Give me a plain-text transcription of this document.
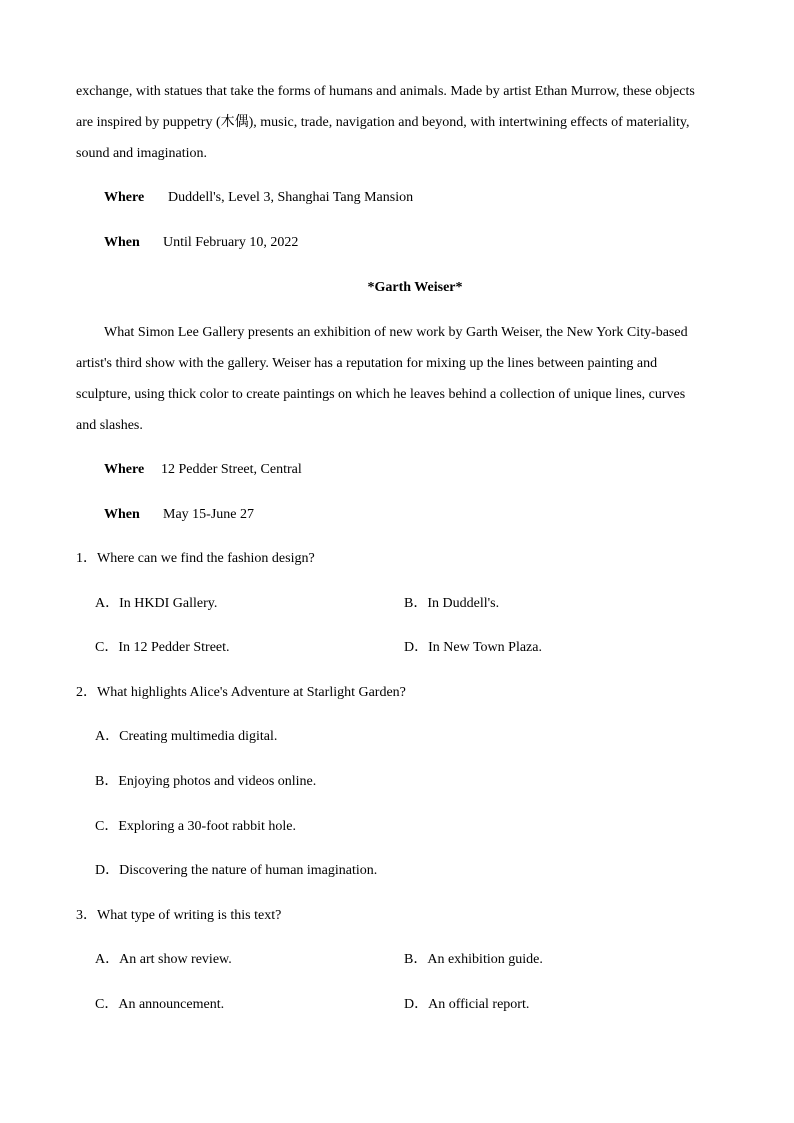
exchange, with statues that take the forms of humans and animals. Made by artist Ethan Murrow, these objects
are inspired by puppetry (木偶), music, trade, navigation and beyond, with intertwining effects of materiality,
sound and imagination.
Where Duddell's, Level 3, Shanghai Tang Mansion
When Until February 10, 2022
*Garth Weiser*
What Simon Lee Gallery presents an exhibition of new work by Garth Weiser, the New York City-based
artist's third show with the gallery. Weiser has a reputation for mixing up the lines between painting and
sculpture, using thick color to create paintings on which he leaves behind a collection of unique lines, curves
and slashes.
Where 12 Pedder Street, Central
When May 15-June 27
1．Where can we find the fashion design?
A．In HKDI Gallery.	B．In Duddell's.
C．In 12 Pedder Street.	D．In New Town Plaza.
2．What highlights Alice's Adventure at Starlight Garden?
A．Creating multimedia digital.
B．Enjoying photos and videos online.
C．Exploring a 30-foot rabbit hole.
D．Discovering the nature of human imagination.
3．What type of writing is this text?
A．An art show review.	B．An exhibition guide.
C．An announcement.	D．An official report.
